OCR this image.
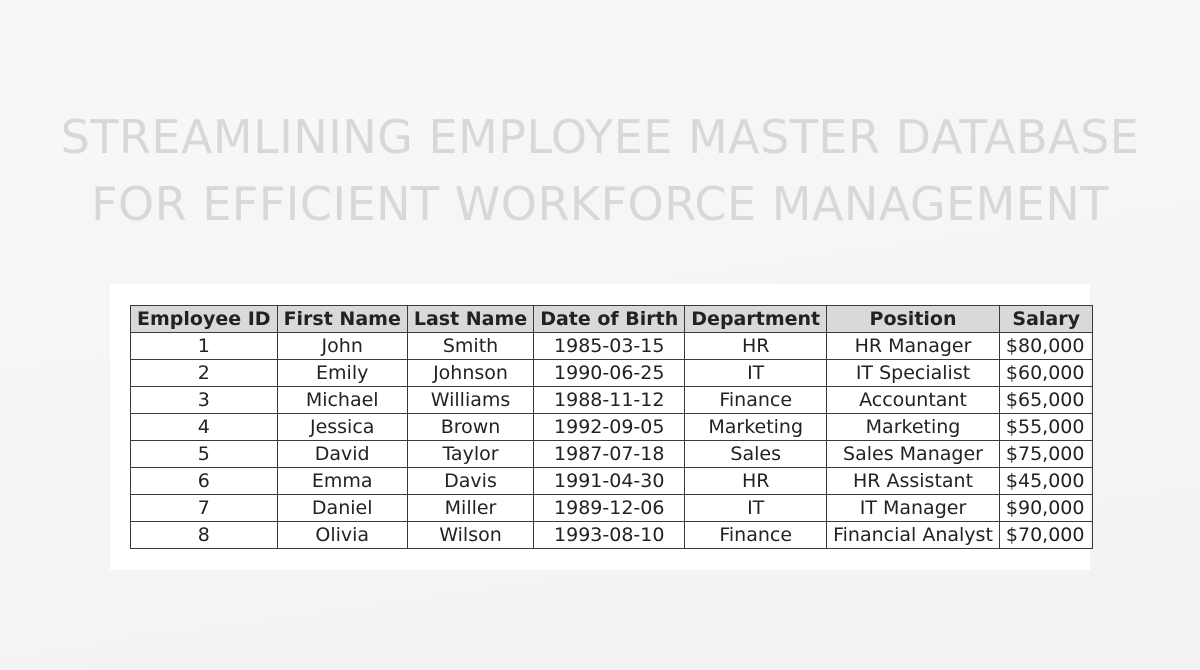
STREAMLINING EMPLOYEE MASTER DATABASE
FOR EFFICIENT WORKFORCE MANAGEMENT
Employee ID	First Name	Last Name	Date of Birth	Department	Position	Salary
1	John	Smith	1985-03-15	HR	HR Manager	$80,000
2	Emily	Johnson	1990-06-25	IT	IT Specialist	$60,000
3	Michael	Williams	1988-11-12	Finance	Accountant	$65,000
4	Jessica	Brown	1992-09-05	Marketing	Marketing	$55,000
5	David	Taylor	1987-07-18	Sales	Sales Manager	$75,000
6	Emma	Davis	1991-04-30	HR	HR Assistant	$45,000
7	Daniel	Miller	1989-12-06	IT	IT Manager	$90,000
8	Olivia	Wilson	1993-08-10	Finance	Financial Analyst	$70,000
